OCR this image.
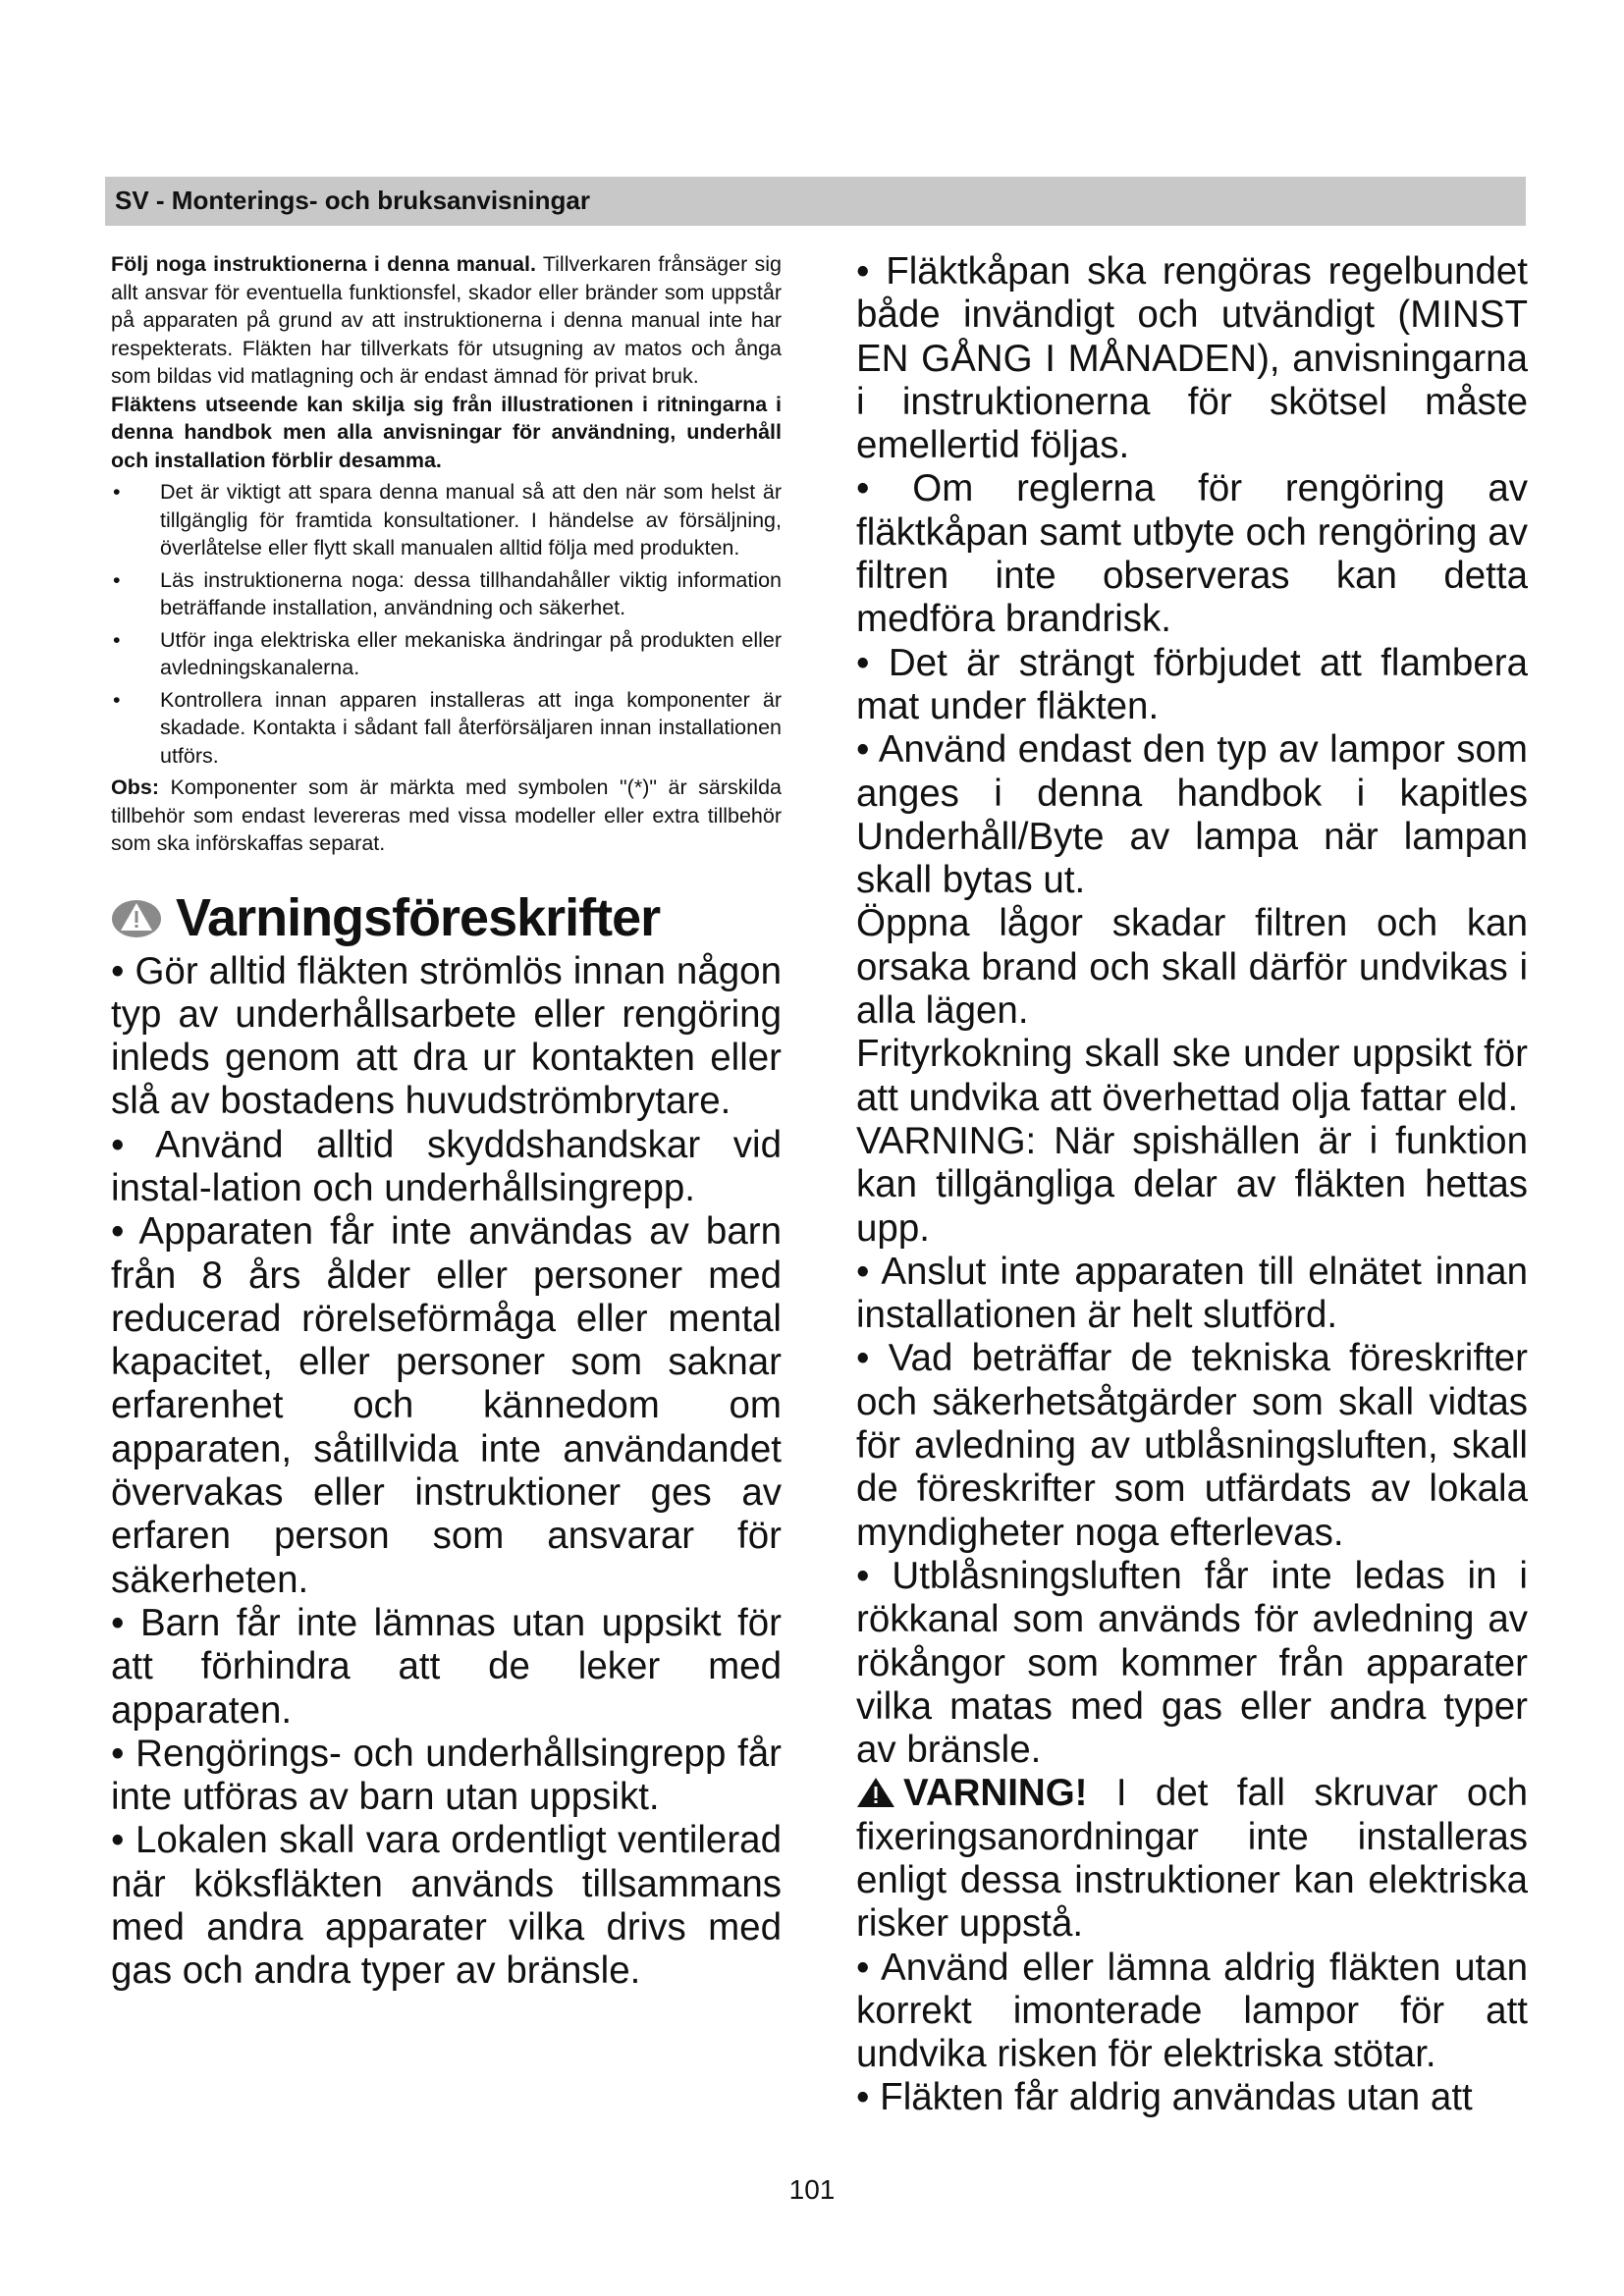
SV - Monterings- och bruksanvisningar

Följ noga instruktionerna i denna manual. Tillverkaren frånsäger sig allt ansvar för eventuella funktionsfel, skador eller bränder som uppstår på apparaten på grund av att instruktionerna i denna manual inte har respekterats. Fläkten har tillverkats för utsugning av matos och ånga som bildas vid matlagning och är endast ämnad för privat bruk.

Fläktens utseende kan skilja sig från illustrationen i ritningarna i denna handbok men alla anvisningar för användning, underhåll och installation förblir desamma.

• Det är viktigt att spara denna manual så att den när som helst är tillgänglig för framtida konsultationer. I händelse av försäljning, överlåtelse eller flytt skall manualen alltid följa med produkten.
• Läs instruktionerna noga: dessa tillhandahåller viktig information beträffande installation, användning och säkerhet.
• Utför inga elektriska eller mekaniska ändringar på produkten eller avledningskanalerna.
• Kontrollera innan apparen installeras att inga komponenter är skadade. Kontakta i sådant fall återförsäljaren innan installationen utförs.

Obs: Komponenter som är märkta med symbolen "(*)" är särskilda tillbehör som endast levereras med vissa modeller eller extra tillbehör som ska införskaffas separat.

Varningsföreskrifter

• Gör alltid fläkten strömlös innan någon typ av underhållsarbete eller rengöring inleds genom att dra ur kontakten eller slå av bostadens huvudströmbrytare.

• Använd alltid skyddshandskar vid instal-lation och underhållsingrepp.

• Apparaten får inte användas av barn från 8 års ålder eller personer med reducerad rörelseförmåga eller mental kapacitet, eller personer som saknar erfarenhet och kännedom om apparaten, såtillvida inte användandet övervakas eller instruktioner ges av erfaren person som ansvarar för säkerheten.

• Barn får inte lämnas utan uppsikt för att förhindra att de leker med apparaten.

• Rengörings- och underhållsingrepp får inte utföras av barn utan uppsikt.

• Lokalen skall vara ordentligt ventilerad när köksfläkten används tillsammans med andra apparater vilka drivs med gas och andra typer av bränsle.

• Fläktkåpan ska rengöras regelbundet både invändigt och utvändigt (MINST EN GÅNG I MÅNADEN), anvisningarna i instruktionerna för skötsel måste emellertid följas.

• Om reglerna för rengöring av fläktkåpan samt utbyte och rengöring av filtren inte observeras kan detta medföra brandrisk.

• Det är strängt förbjudet att flambera mat under fläkten.

• Använd endast den typ av lampor som anges i denna handbok i kapitles Underhåll/Byte av lampa när lampan skall bytas ut.

Öppna lågor skadar filtren och kan orsaka brand och skall därför undvikas i alla lägen.

Frityrkokning skall ske under uppsikt för att undvika att överhettad olja fattar eld.

VARNING: När spishällen är i funktion kan tillgängliga delar av fläkten hettas upp.

• Anslut inte apparaten till elnätet innan installationen är helt slutförd.

• Vad beträffar de tekniska föreskrifter och säkerhetsåtgärder som skall vidtas för avledning av utblåsningsluften, skall de föreskrifter som utfärdats av lokala myndigheter noga efterlevas.

• Utblåsningsluften får inte ledas in i rökkanal som används för avledning av rökångor som kommer från apparater vilka matas med gas eller andra typer av bränsle.

VARNING! I det fall skruvar och fixeringsanordningar inte installeras enligt dessa instruktioner kan elektriska risker uppstå.

• Använd eller lämna aldrig fläkten utan korrekt imonterade lampor för att undvika risken för elektriska stötar.

• Fläkten får aldrig användas utan att

101
